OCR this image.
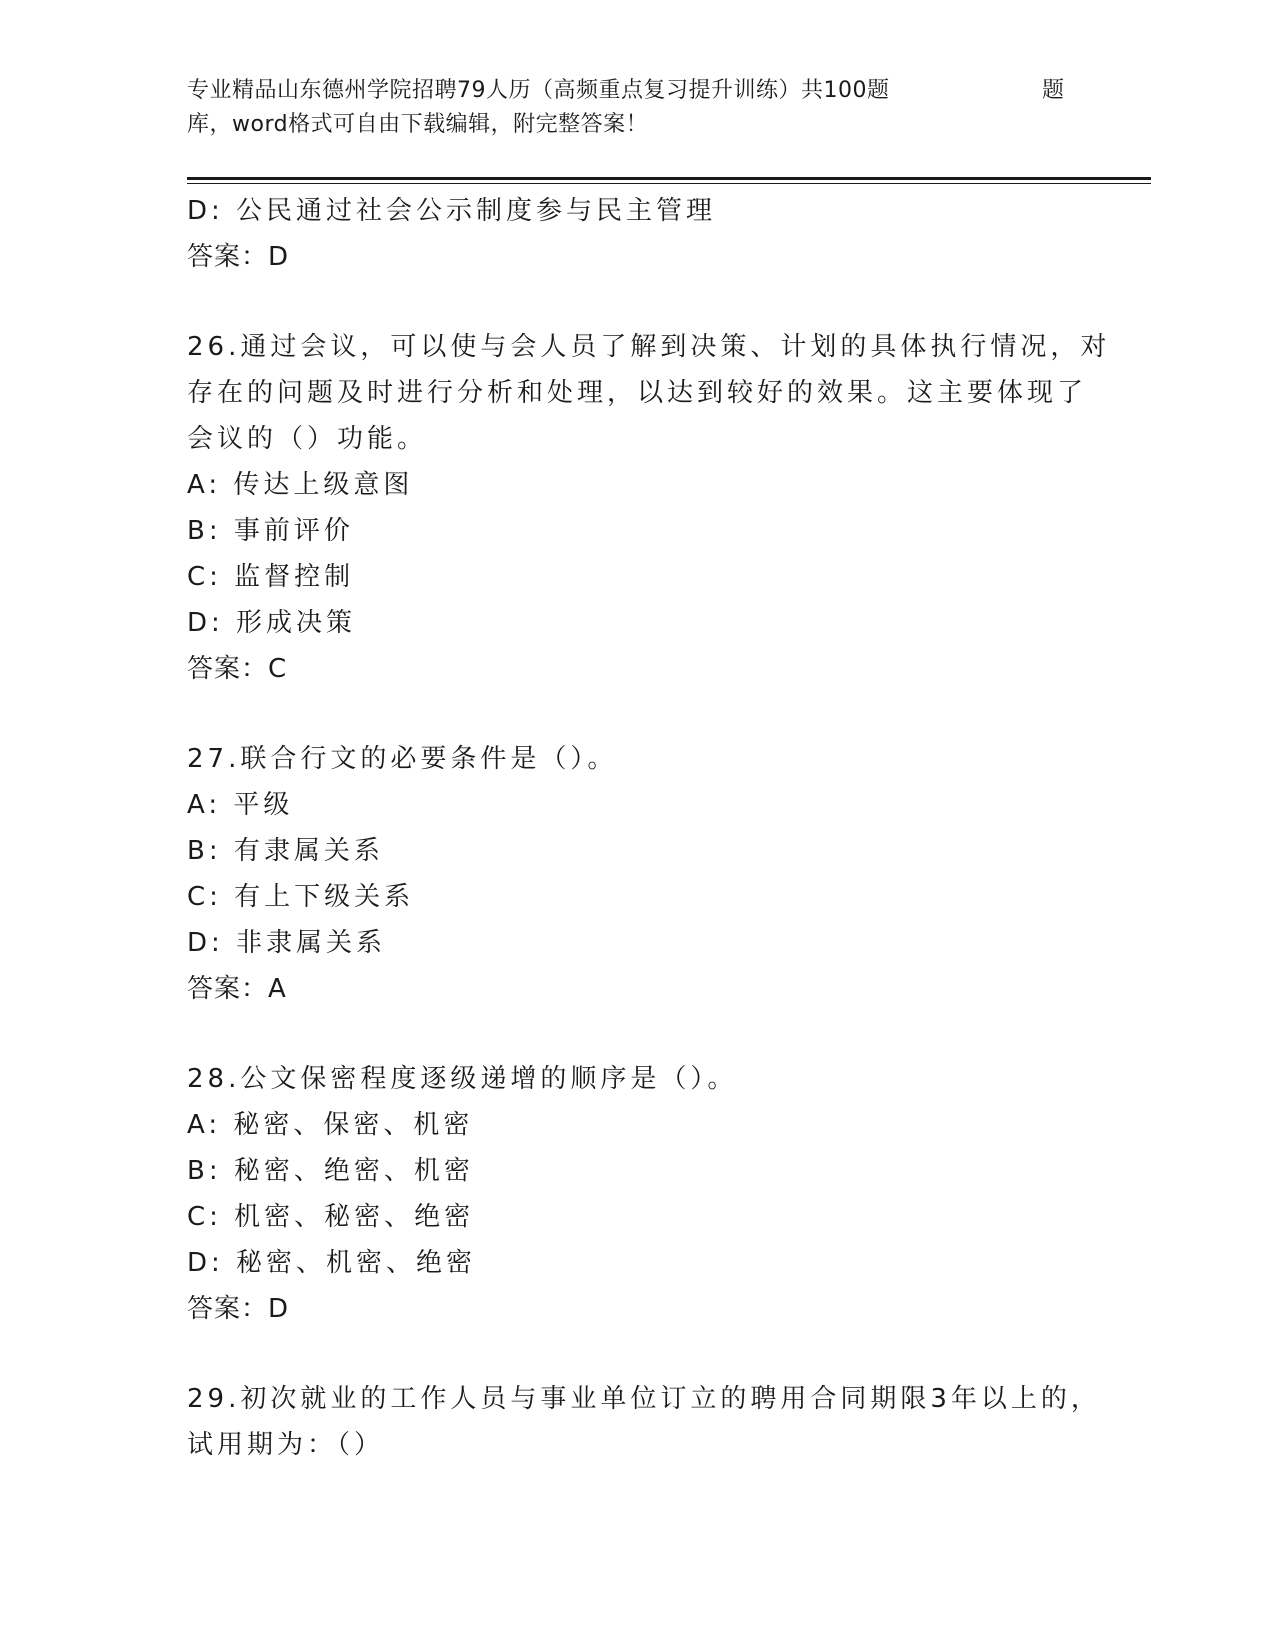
专业精品山东德州学院招聘79人历（高频重点复习提升训练）共100题	题
库，word格式可自由下载编辑，附完整答案！
D: 公民通过社会公示制度参与民主管理
答案：D
26.通过会议，可以使与会人员了解到决策、计划的具体执行情况，对
存在的问题及时进行分析和处理，以达到较好的效果。这主要体现了
会议的（）功能。
A: 传达上级意图
B: 事前评价
C: 监督控制
D: 形成决策
答案：C
27.联合行文的必要条件是（）。
A: 平级
B: 有隶属关系
C: 有上下级关系
D: 非隶属关系
答案：A
28.公文保密程度逐级递增的顺序是（）。
A: 秘密、保密、机密
B: 秘密、绝密、机密
C: 机密、秘密、绝密
D: 秘密、机密、绝密
答案：D
29.初次就业的工作人员与事业单位订立的聘用合同期限3年以上的，
试用期为：（）
